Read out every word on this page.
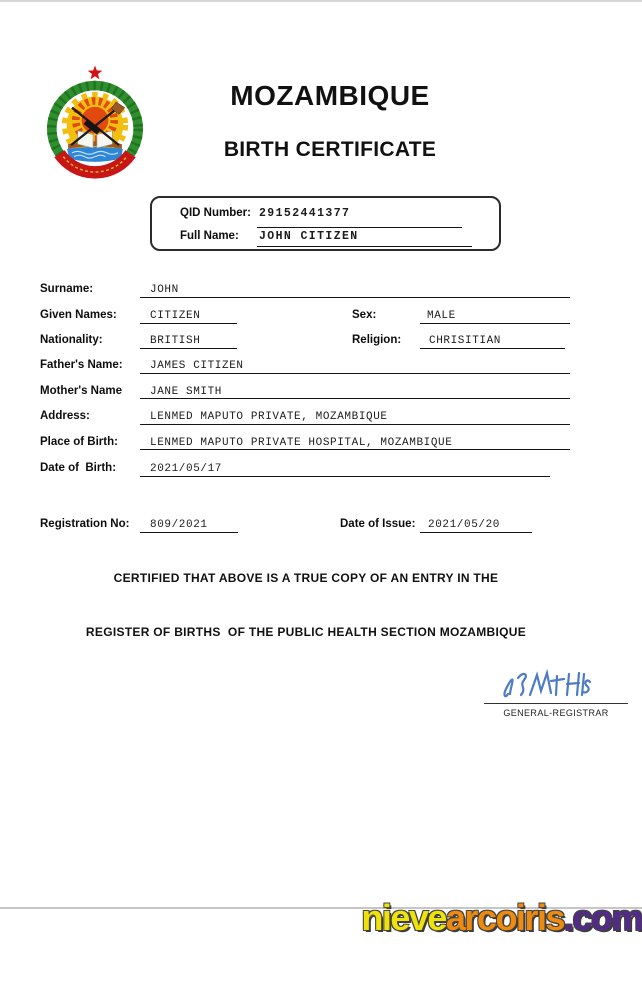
MOZAMBIQUE
BIRTH CERTIFICATE
QID Number: 29152441377
Full Name: JOHN CITIZEN
Surname:	JOHN
Given Names:	CITIZEN	Sex:	MALE
Nationality:	BRITISH	Religion:	CHRISITIAN
Father's Name: JAMES CITIZEN
Mother's Name	JANE SMITH
Address:	LENMED MAPUTO PRIVATE, MOZAMBIQUE
Place of Birth:	LENMED MAPUTO PRIVATE HOSPITAL, MOZAMBIQUE
Date of  Birth:	2021/05/17
Registration No: 809/2021	Date of Issue: 2021/05/20
CERTIFIED THAT ABOVE IS A TRUE COPY OF AN ENTRY IN THE
REGISTER OF BIRTHS  OF THE PUBLIC HEALTH SECTION MOZAMBIQUE
GENERAL-REGISTRAR

nievearcoiris.com
